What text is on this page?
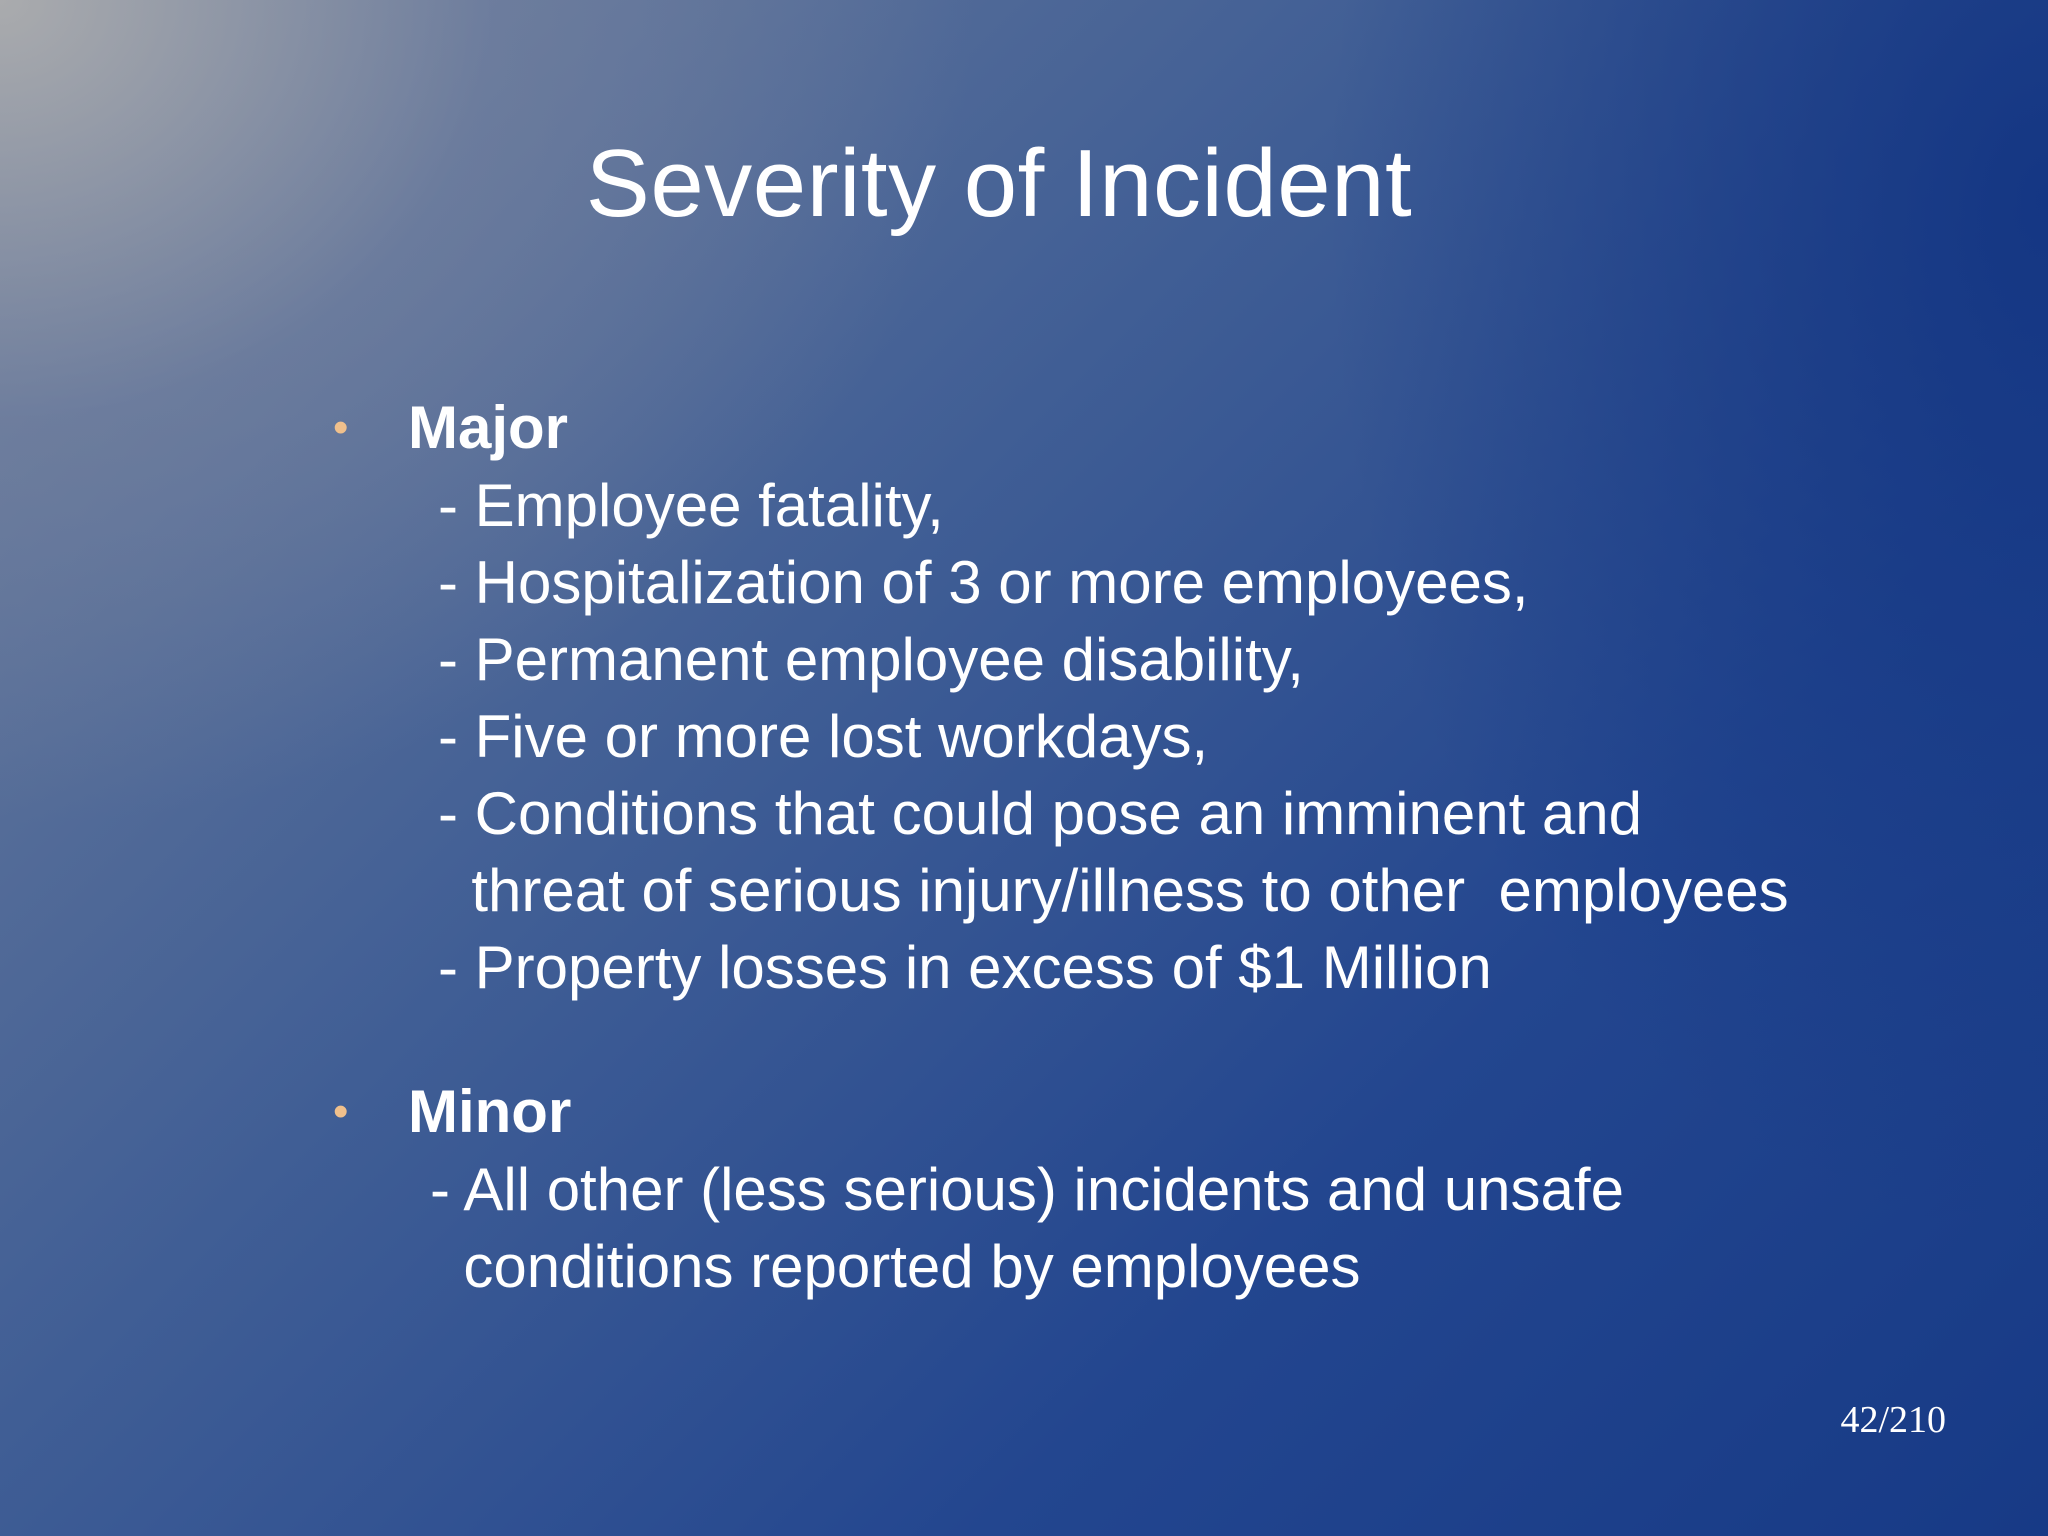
Severity of Incident
• Major
- Employee fatality,
- Hospitalization of 3 or more employees,
- Permanent employee disability,
- Five or more lost workdays,
- Conditions that could pose an imminent and
threat of serious injury/illness to other  employees
- Property losses in excess of $1 Million
• Minor
- All other (less serious) incidents and unsafe
conditions reported by employees
42/210
